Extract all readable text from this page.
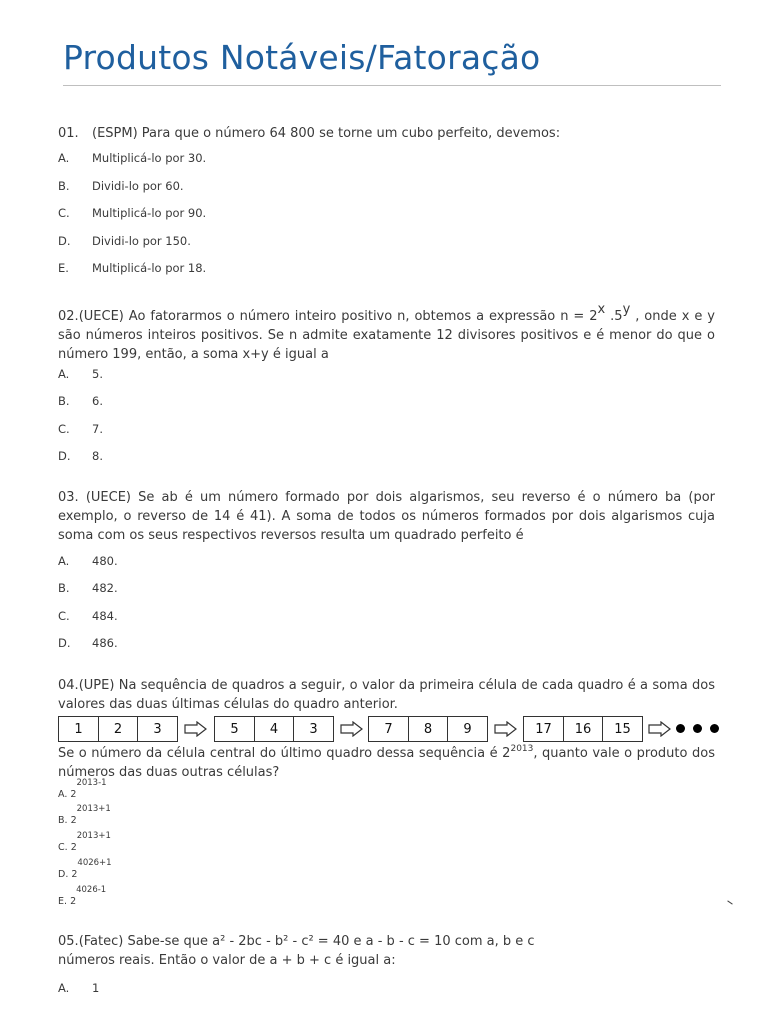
Produtos Notáveis/Fatoração
01. (ESPM) Para que o número 64 800 se torne um cubo perfeito, devemos:
A. Multiplicá-lo por 30.
B. Dividi-lo por 60.
C. Multiplicá-lo por 90.
D. Dividi-lo por 150.
E. Multiplicá-lo por 18.
02.(UECE) Ao fatorarmos o número inteiro positivo n, obtemos a expressão n = 2x .5y , onde x e y são números inteiros positivos. Se n admite exatamente 12 divisores positivos e é menor do que o número 199, então, a soma x+y é igual a
A. 5.
B. 6.
C. 7.
D. 8.
03. (UECE) Se ab é um número formado por dois algarismos, seu reverso é o número ba (por exemplo, o reverso de 14 é 41). A soma de todos os números formados por dois algarismos cuja soma com os seus respectivos reversos resulta um quadrado perfeito é
A. 480.
B. 482.
C. 484.
D. 486.
04.(UPE) Na sequência de quadros a seguir, o valor da primeira célula de cada quadro é a soma dos valores das duas últimas células do quadro anterior.
1	2	3	5	4	3	7	8	9	17	16	15
Se o número da célula central do último quadro dessa sequência é $2^{2013}$, quanto vale o produto dos números das duas outras células?
A. 22013-1
B. 22013+1
C. 22013+1
D. 24026+1
E. 24026-1
05.(Fatec) Sabe-se que a² - 2bc - b² - c² = 40 e a - b - c = 10 com a, b e c
números reais. Então o valor de a + b + c é igual a:
A. 1
